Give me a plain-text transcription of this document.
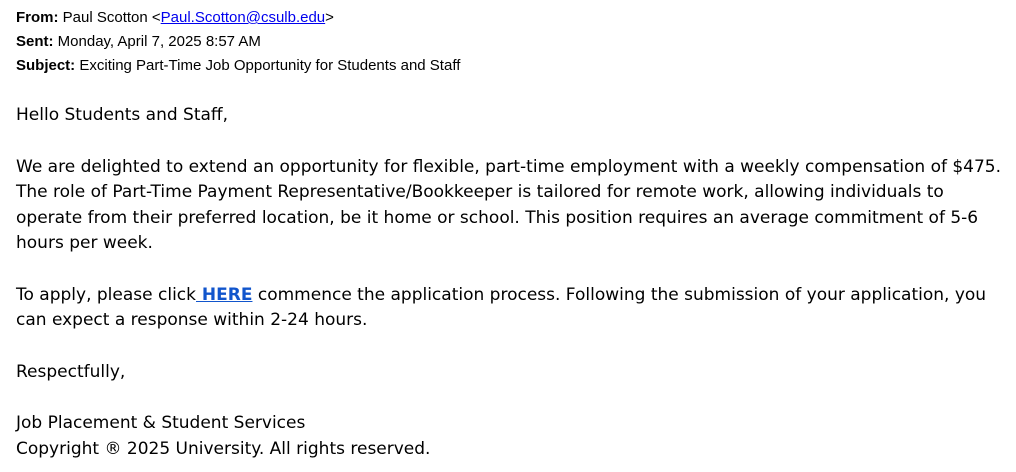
From: Paul Scotton <Paul.Scotton@csulb.edu>
Sent: Monday, April 7, 2025 8:57 AM
Subject: Exciting Part-Time Job Opportunity for Students and Staff

Hello Students and Staff,

We are delighted to extend an opportunity for flexible, part-time employment with a weekly compensation of $475. The role of Part-Time Payment Representative/Bookkeeper is tailored for remote work, allowing individuals to operate from their preferred location, be it home or school. This position requires an average commitment of 5-6 hours per week.

To apply, please click HERE commence the application process. Following the submission of your application, you can expect a response within 2-24 hours.

Respectfully,

Job Placement & Student Services

Copyright ® 2025 University. All rights reserved.
